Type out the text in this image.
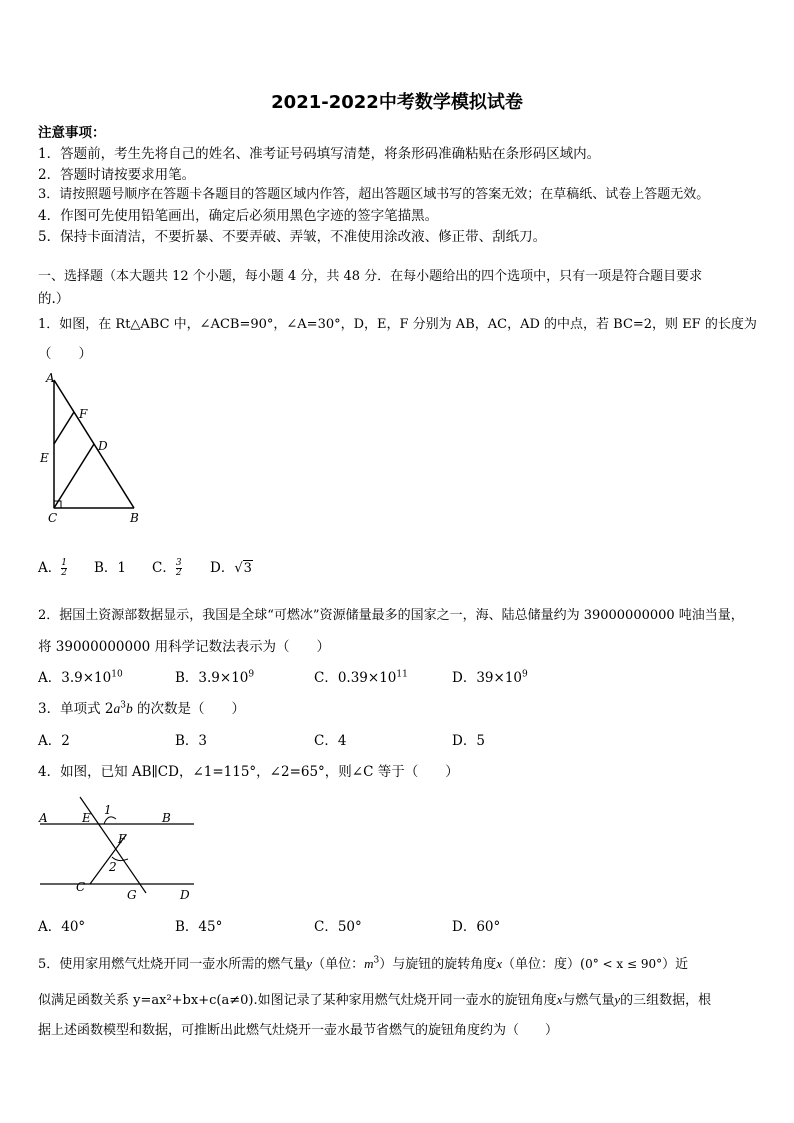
2021-2022中考数学模拟试卷
注意事项：
1．答题前，考生先将自己的姓名、准考证号码填写清楚，将条形码准确粘贴在条形码区域内。
2．答题时请按要求用笔。
3．请按照题号顺序在答题卡各题目的答题区域内作答，超出答题区域书写的答案无效；在草稿纸、试卷上答题无效。
4．作图可先使用铅笔画出，确定后必须用黑色字迹的签字笔描黑。
5．保持卡面清洁，不要折暴、不要弄破、弄皱，不准使用涂改液、修正带、刮纸刀。
一、选择题（本大题共 12 个小题，每小题 4 分，共 48 分．在每小题给出的四个选项中，只有一项是符合题目要求
的.）
1．如图，在 Rt△ABC 中，∠ACB=90°，∠A=30°，D，E，F 分别为 AB，AC，AD 的中点，若 BC=2，则 EF 的长度为
（　　）
A
F
D
E
C	B
A． $\frac{1}{2}$ B．1 C． $\frac{3}{2}$ D．√3
2．据国土资源部数据显示，我国是全球“可燃冰”资源储量最多的国家之一，海、陆总储量约为 39000000000 吨油当量，
将 39000000000 用科学记数法表示为（　　）
A．$3.9\times 10^{10}$	B．$3.9\times 10^9$	C．$0.39\times 10^{11}$	D．$39\times 10^9$
3．单项式 $2a^3b$ 的次数是（　　）
A．2	B．3	C．4	D．5
4．如图，已知 AB∥CD，∠1=115°，∠2=65°，则∠C 等于（　　）
A	E
1
B
F
2
C
G	D
A．40°	B．45°	C．50°	D．60°
5．使用家用燃气灶烧开同一壶水所需的燃气量y（单位：$m^3$）与旋钮的旋转角度x（单位：度）(0° < x ≤ 90°）近
似满足函数关系 y=ax²+bx+c(a≠0).如图记录了某种家用燃气灶烧开同一壶水的旋钮角度x与燃气量y的三组数据，根
据上述函数模型和数据，可推断出此燃气灶烧开一壶水最节省燃气的旋钮角度约为（　　）
